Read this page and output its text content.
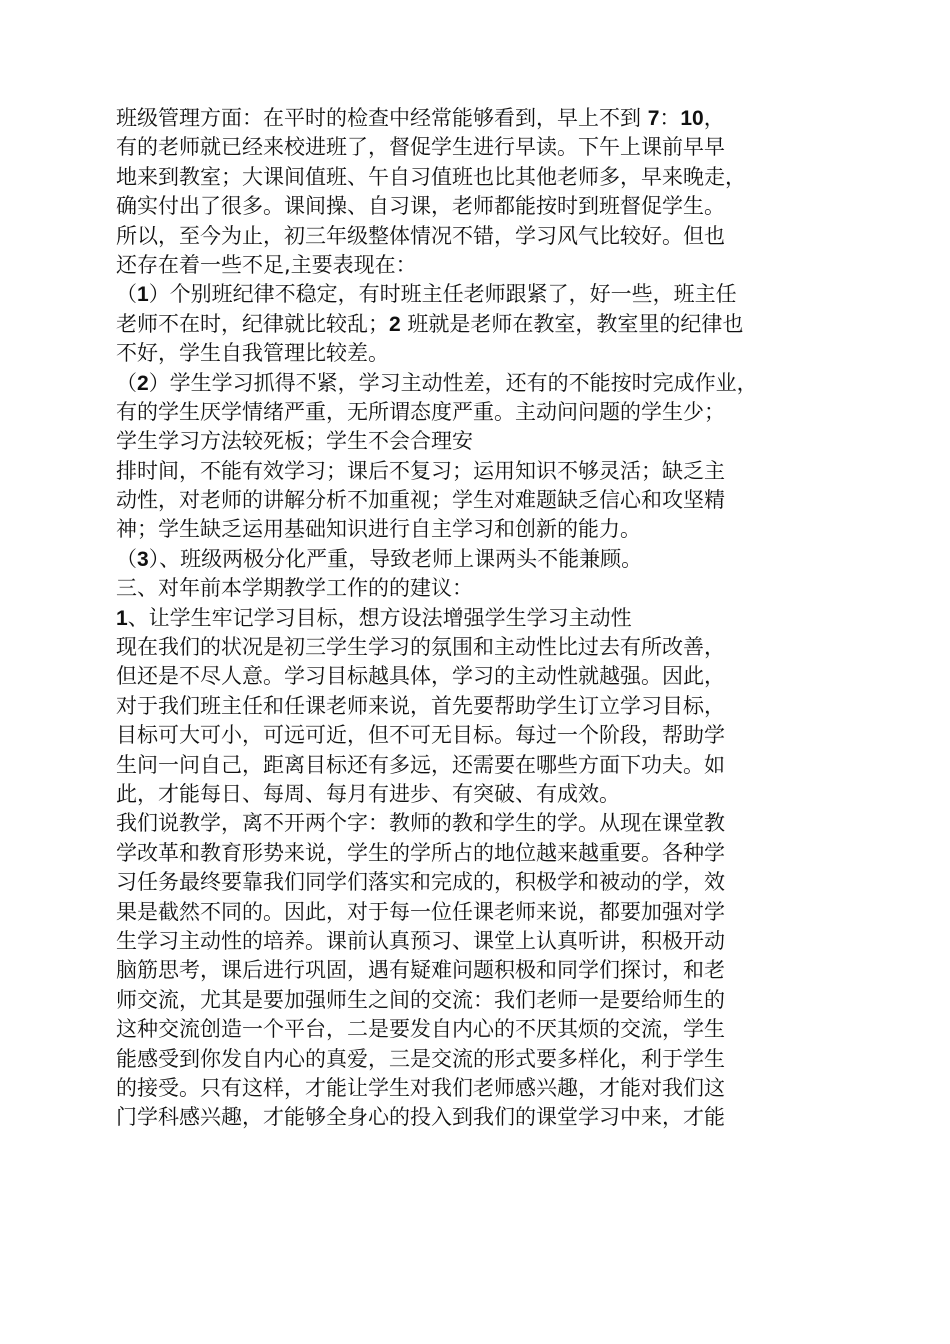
班级管理方面：在平时的检查中经常能够看到，早上不到 7：10，
有的老师就已经来校进班了，督促学生进行早读。下午上课前早早
地来到教室；大课间值班、午自习值班也比其他老师多，早来晚走，
确实付出了很多。课间操、自习课，老师都能按时到班督促学生。
所以，至今为止，初三年级整体情况不错，学习风气比较好。但也
还存在着一些不足,主要表现在：
（1）个别班纪律不稳定，有时班主任老师跟紧了，好一些，班主任
老师不在时，纪律就比较乱；2 班就是老师在教室，教室里的纪律也
不好，学生自我管理比较差。
（2）学生学习抓得不紧，学习主动性差，还有的不能按时完成作业，
有的学生厌学情绪严重，无所谓态度严重。主动问问题的学生少；
学生学习方法较死板；学生不会合理安
排时间，不能有效学习；课后不复习；运用知识不够灵活；缺乏主
动性，对老师的讲解分析不加重视；学生对难题缺乏信心和攻坚精
神；学生缺乏运用基础知识进行自主学习和创新的能力。
（3）、班级两极分化严重，导致老师上课两头不能兼顾。
三、对年前本学期教学工作的的建议：
1、让学生牢记学习目标，想方设法增强学生学习主动性
现在我们的状况是初三学生学习的氛围和主动性比过去有所改善，
但还是不尽人意。学习目标越具体，学习的主动性就越强。因此，
对于我们班主任和任课老师来说，首先要帮助学生订立学习目标，
目标可大可小，可远可近，但不可无目标。每过一个阶段，帮助学
生问一问自己，距离目标还有多远，还需要在哪些方面下功夫。如
此，才能每日、每周、每月有进步、有突破、有成效。
我们说教学，离不开两个字：教师的教和学生的学。从现在课堂教
学改革和教育形势来说，学生的学所占的地位越来越重要。各种学
习任务最终要靠我们同学们落实和完成的，积极学和被动的学，效
果是截然不同的。因此，对于每一位任课老师来说，都要加强对学
生学习主动性的培养。课前认真预习、课堂上认真听讲，积极开动
脑筋思考，课后进行巩固，遇有疑难问题积极和同学们探讨，和老
师交流，尤其是要加强师生之间的交流：我们老师一是要给师生的
这种交流创造一个平台，二是要发自内心的不厌其烦的交流，学生
能感受到你发自内心的真爱，三是交流的形式要多样化，利于学生
的接受。只有这样，才能让学生对我们老师感兴趣，才能对我们这
门学科感兴趣，才能够全身心的投入到我们的课堂学习中来，才能
